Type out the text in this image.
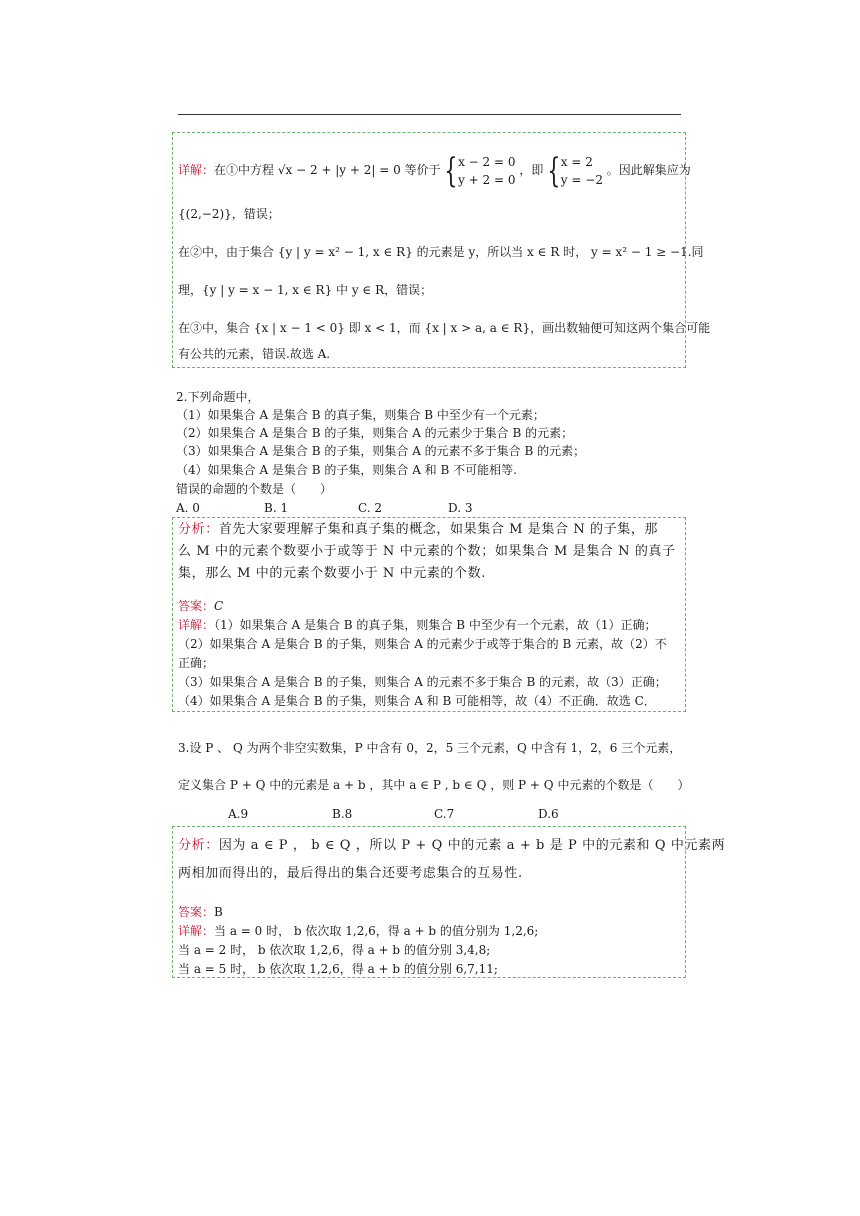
详解：在①中方程 √x − 2 + |y + 2| = 0 等价于 { x − 2 = 0
y + 2 = 0
，即 { x = 2
y = −2
。因此解集应为
{(2,−2)}，错误；
在②中，由于集合 {y | y = x² − 1, x ∈ R} 的元素是 y，所以当 x ∈ R 时， y = x² − 1 ≥ −1.同
理，{y | y = x − 1, x ∈ R} 中 y ∈ R，错误；
在③中，集合 {x | x − 1 < 0} 即 x < 1，而 {x | x > a, a ∈ R}，画出数轴便可知这两个集合可能
有公共的元素，错误.故选 A.
2.下列命题中，
（1）如果集合 A 是集合 B 的真子集，则集合 B 中至少有一个元素；
（2）如果集合 A 是集合 B 的子集，则集合 A 的元素少于集合 B 的元素；
（3）如果集合 A 是集合 B 的子集，则集合 A 的元素不多于集合 B 的元素；
（4）如果集合 A 是集合 B 的子集，则集合 A 和 B 不可能相等.
错误的命题的个数是（　　）
A. 0	B. 1	C. 2	D. 3
分析：首先大家要理解子集和真子集的概念，如果集合 M 是集合 N 的子集，那
么 M 中的元素个数要小于或等于 N 中元素的个数；如果集合 M 是集合 N 的真子
集，那么 M 中的元素个数要小于 N 中元素的个数.
答案：C
详解：（1）如果集合 A 是集合 B 的真子集，则集合 B 中至少有一个元素，故（1）正确；
（2）如果集合 A 是集合 B 的子集，则集合 A 的元素少于或等于集合的 B 元素，故（2）不
正确；
（3）如果集合 A 是集合 B 的子集，则集合 A 的元素不多于集合 B 的元素，故（3）正确；
（4）如果集合 A 是集合 B 的子集，则集合 A 和 B 可能相等，故（4）不正确．故选 C．
3.设 P 、 Q 为两个非空实数集，P 中含有 0，2，5 三个元素，Q 中含有 1，2，6 三个元素，
定义集合 P + Q 中的元素是 a + b ，其中 a ∈ P , b ∈ Q ，则 P + Q 中元素的个数是（　　）
A.9	B.8	C.7	D.6
分析：因为 a ∈ P ， b ∈ Q ，所以 P + Q 中的元素 a + b 是 P 中的元素和 Q 中元素两
两相加而得出的，最后得出的集合还要考虑集合的互易性.
答案：B
详解：当 a = 0 时， b 依次取 1,2,6，得 a + b 的值分别为 1,2,6;
当 a = 2 时， b 依次取 1,2,6，得 a + b 的值分别 3,4,8;
当 a = 5 时， b 依次取 1,2,6，得 a + b 的值分别 6,7,11;
